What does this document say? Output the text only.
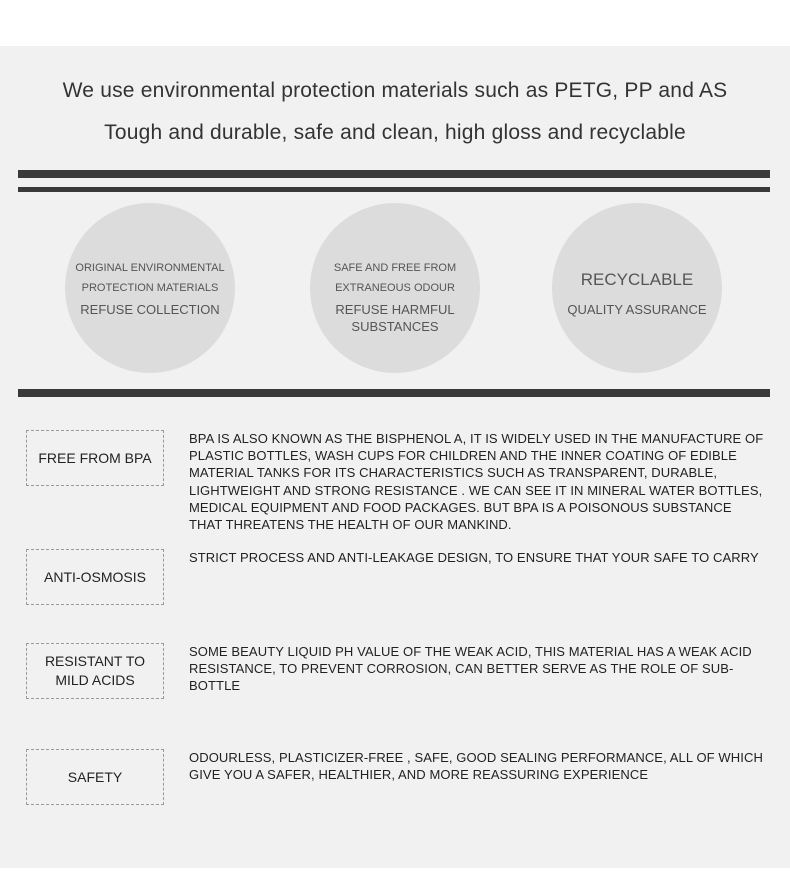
We use environmental protection materials such as PETG, PP and AS
Tough and durable, safe and clean, high gloss and recyclable
ORIGINAL ENVIRONMENTAL
PROTECTION MATERIALS
REFUSE COLLECTION
SAFE AND FREE FROM
EXTRANEOUS ODOUR
REFUSE HARMFUL
SUBSTANCES
RECYCLABLE
QUALITY ASSURANCE
FREE FROM BPA
BPA IS ALSO KNOWN AS THE BISPHENOL A, IT IS WIDELY USED IN THE MANUFACTURE OF PLASTIC BOTTLES, WASH CUPS FOR CHILDREN AND THE INNER COATING OF EDIBLE MATERIAL TANKS FOR ITS CHARACTERISTICS SUCH AS TRANSPARENT, DURABLE, LIGHTWEIGHT AND STRONG RESISTANCE . WE CAN SEE IT IN MINERAL WATER BOTTLES, MEDICAL EQUIPMENT AND FOOD PACKAGES. BUT BPA IS A POISONOUS SUBSTANCE THAT THREATENS THE HEALTH OF OUR MANKIND.
ANTI-OSMOSIS
STRICT PROCESS AND ANTI-LEAKAGE DESIGN, TO ENSURE THAT YOUR SAFE TO CARRY
RESISTANT TO
MILD ACIDS
SOME BEAUTY LIQUID PH VALUE OF THE WEAK ACID, THIS MATERIAL HAS A WEAK ACID RESISTANCE, TO PREVENT CORROSION, CAN BETTER SERVE AS THE ROLE OF SUB-BOTTLE
SAFETY
ODOURLESS, PLASTICIZER-FREE , SAFE, GOOD SEALING PERFORMANCE, ALL OF WHICH GIVE YOU A SAFER, HEALTHIER, AND MORE REASSURING EXPERIENCE
